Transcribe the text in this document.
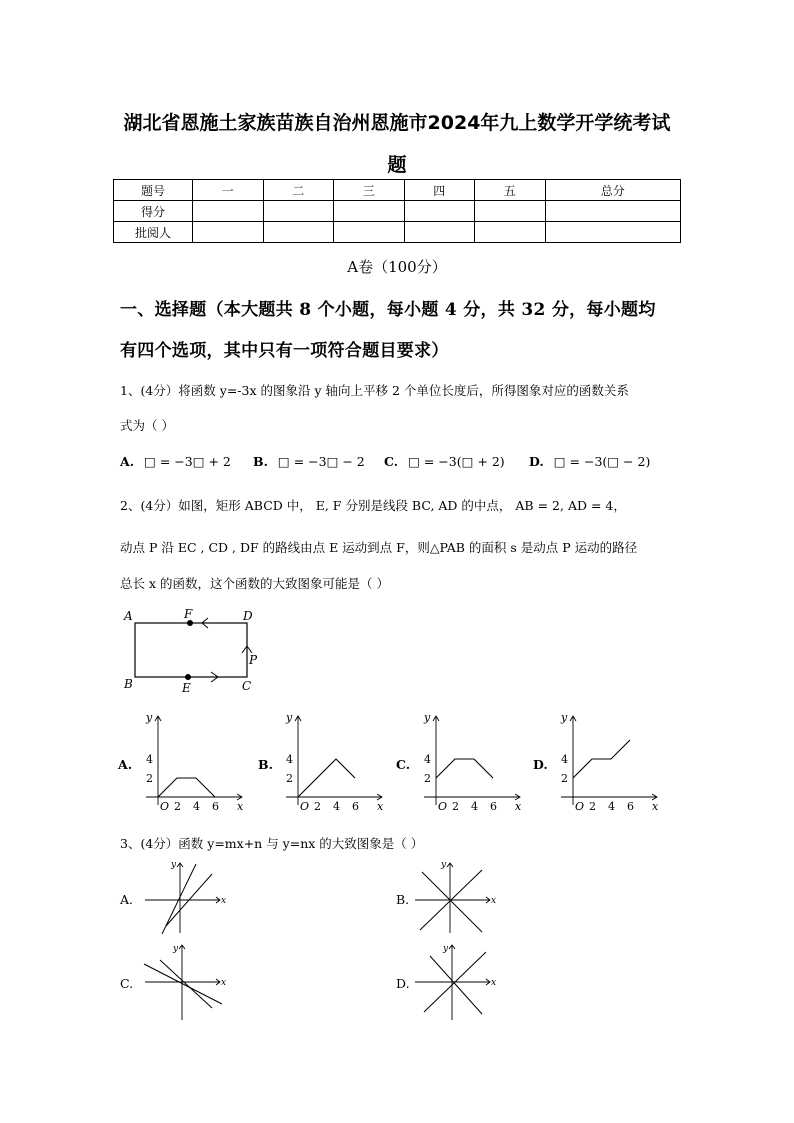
湖北省恩施土家族苗族自治州恩施市2024年九上数学开学统考试
题
题号	一	二	三	四	五	总分
得分						
批阅人						
A卷（100分）
一、选择题（本大题共 8 个小题，每小题 4 分，共 32 分，每小题均
有四个选项，其中只有一项符合题目要求）
1、(4分）将函数 y=-3x 的图象沿 y 轴向上平移 2 个单位长度后，所得图象对应的函数关系
式为（ ）
A. □ = −3□ + 2 B. □ = −3□ − 2 C. □ = −3(□ + 2) D. □ = −3(□ − 2)
2、(4分）如图，矩形 ABCD 中， E, F 分别是线段 BC, AD 的中点， AB = 2, AD = 4，
动点 P 沿 EC , CD , DF 的路线由点 E 运动到点 F，则△PAB 的面积 s 是动点 P 运动的路径
总长 x 的函数，这个函数的大致图象可能是（ ）
A	F	D
P
B	E	C
A.
y
x
O
4
2
2 4 6
B.
y
x
O
4
2
2 4 6
C.
y
x
O
4
2
2 4 6
D.
y
x
O
4
2
2 4 6
3、(4分）函数 y=mx+n 与 y=nx 的大致图象是（ ）
A.	B.
C.	D.
x
y
x
y
x
y
x
y
